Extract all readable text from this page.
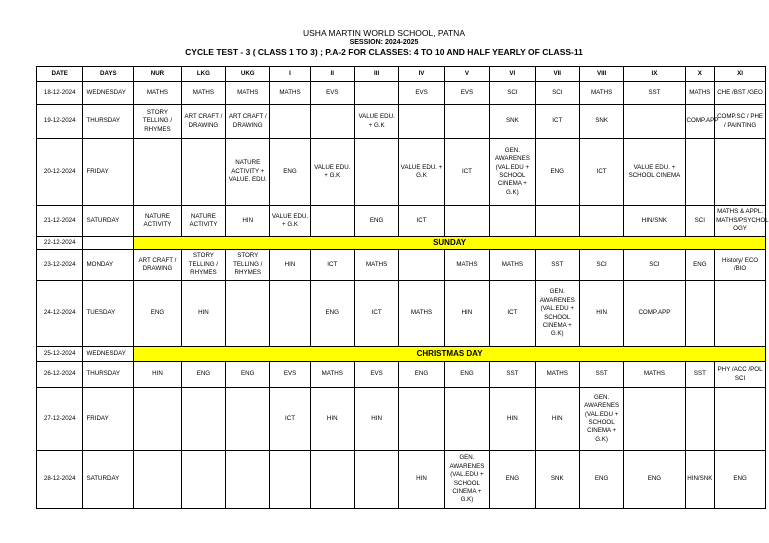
USHA MARTIN WORLD SCHOOL, PATNA
SESSION: 2024-2025
CYCLE TEST - 3 ( CLASS 1 TO 3) ; P.A-2 FOR CLASSES: 4 TO 10 AND HALF YEARLY OF CLASS-11
DATE	DAYS	NUR	LKG	UKG	I	II	III	IV	V	VI	VII	VIII	IX	X	XI
18-12-2024	WEDNESDAY	MATHS	MATHS	MATHS	MATHS	EVS		EVS	EVS	SCI	SCI	MATHS	SST	MATHS	CHE /BST /GEO
19-12-2024	THURSDAY	STORY TELLING / RHYMES	ART CRAFT / DRAWING	ART CRAFT / DRAWING			VALUE EDU. + G.K			SNK	ICT	SNK		COMP.APP	COMP.SC / PHE / PAINTING
20-12-2024	FRIDAY			NATURE ACTIVITY + VALUE. EDU.	ENG	VALUE EDU. + G.K		VALUE EDU. + G.K	ICT	GEN. AWARENES (VAL.EDU + SCHOOL CINEMA + G.K)	ENG	ICT	VALUE EDU. + SCHOOL CINEMA		
21-12-2024	SATURDAY	NATURE ACTIVITY	NATURE ACTIVITY	HIN	VALUE EDU. + G.K		ENG	ICT					HIN/SNK	SCI	MATHS & APPL. MATHS/PSYCHOL OGY
22-12-2024		SUNDAY													
23-12-2024	MONDAY	ART CRAFT / DRAWING	STORY TELLING / RHYMES	STORY TELLING / RHYMES	HIN	ICT	MATHS		MATHS	MATHS	SST	SCI	SCI	ENG	History/ ECO /BIO
24-12-2024	TUESDAY	ENG	HIN			ENG	ICT	MATHS	HIN	ICT	GEN. AWARENES (VAL.EDU + SCHOOL CINEMA + G.K)	HIN	COMP.APP		
25-12-2024	WEDNESDAY	CHRISTMAS DAY													
26-12-2024	THURSDAY	HIN	ENG	ENG	EVS	MATHS	EVS	ENG	ENG	SST	MATHS	SST	MATHS	SST	PHY /ACC /POL SCI
27-12-2024	FRIDAY				ICT	HIN	HIN			HIN	HIN	GEN. AWARENES (VAL.EDU + SCHOOL CINEMA + G.K)			
28-12-2024	SATURDAY							HIN	GEN. AWARENES (VAL.EDU + SCHOOL CINEMA + G.K)	ENG	SNK	ENG	ENG	HIN/SNK	ENG
